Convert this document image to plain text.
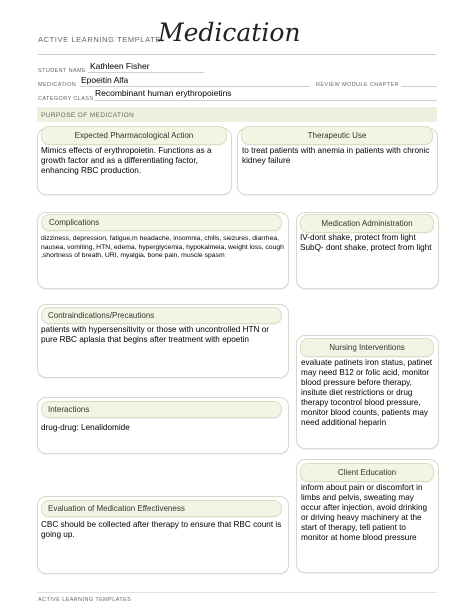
ACTIVE LEARNING TEMPLATE:
Medication
STUDENT NAME Kathleen Fisher
MEDICATION Epoeitin Alfa	REVIEW MODULE CHAPTER
CATEGORY CLASS
Recombinant human erythropoietins
PURPOSE OF MEDICATION
Expected Pharmacological Action
Mimics effects of erythropoietin. Functions as a growth factor and as a differentiating factor, enhancing RBC production.
Therapeutic Use
to treat patients with anemia in patients with chronic kidney failure
Complications
dizziness, depression, fatigue,m headache, insomnia, chills, siezures, diarrhea, nausea, vomiting, HTN, edema, hyperglycemia, hypokalmeia, weight loss, cough ,shortness of breath, URI, myalgia, bone pain, muscle spasm
Medication Administration
IV-dont shake, protect from light SubQ- dont shake, protect from light
Contraindications/Precautions
patients with hypersensitivity or those with uncontrolled HTN or pure RBC aplasia that begins after treatment with epoetin
Nursing Interventions
evaluate patinets iron status, patinet may need B12 or folic acid, monitor blood pressure before therapy, insitute diet restrictions or drug therapy tocontrol blood pressure, monitor blood counts, patients may need additional heparin
Interactions
drug-drug: Lenalidomide
Client Education
inform about pain or discomfort in limbs and pelvis, sweating may occur after injection, avoid drinking or driving heavy machinery at the start of therapy, tell patient to monitor at home blood pressure
Evaluation of Medication Effectiveness
CBC should be collected after therapy to ensure that RBC count is going up.
ACTIVE LEARNING TEMPLATES
